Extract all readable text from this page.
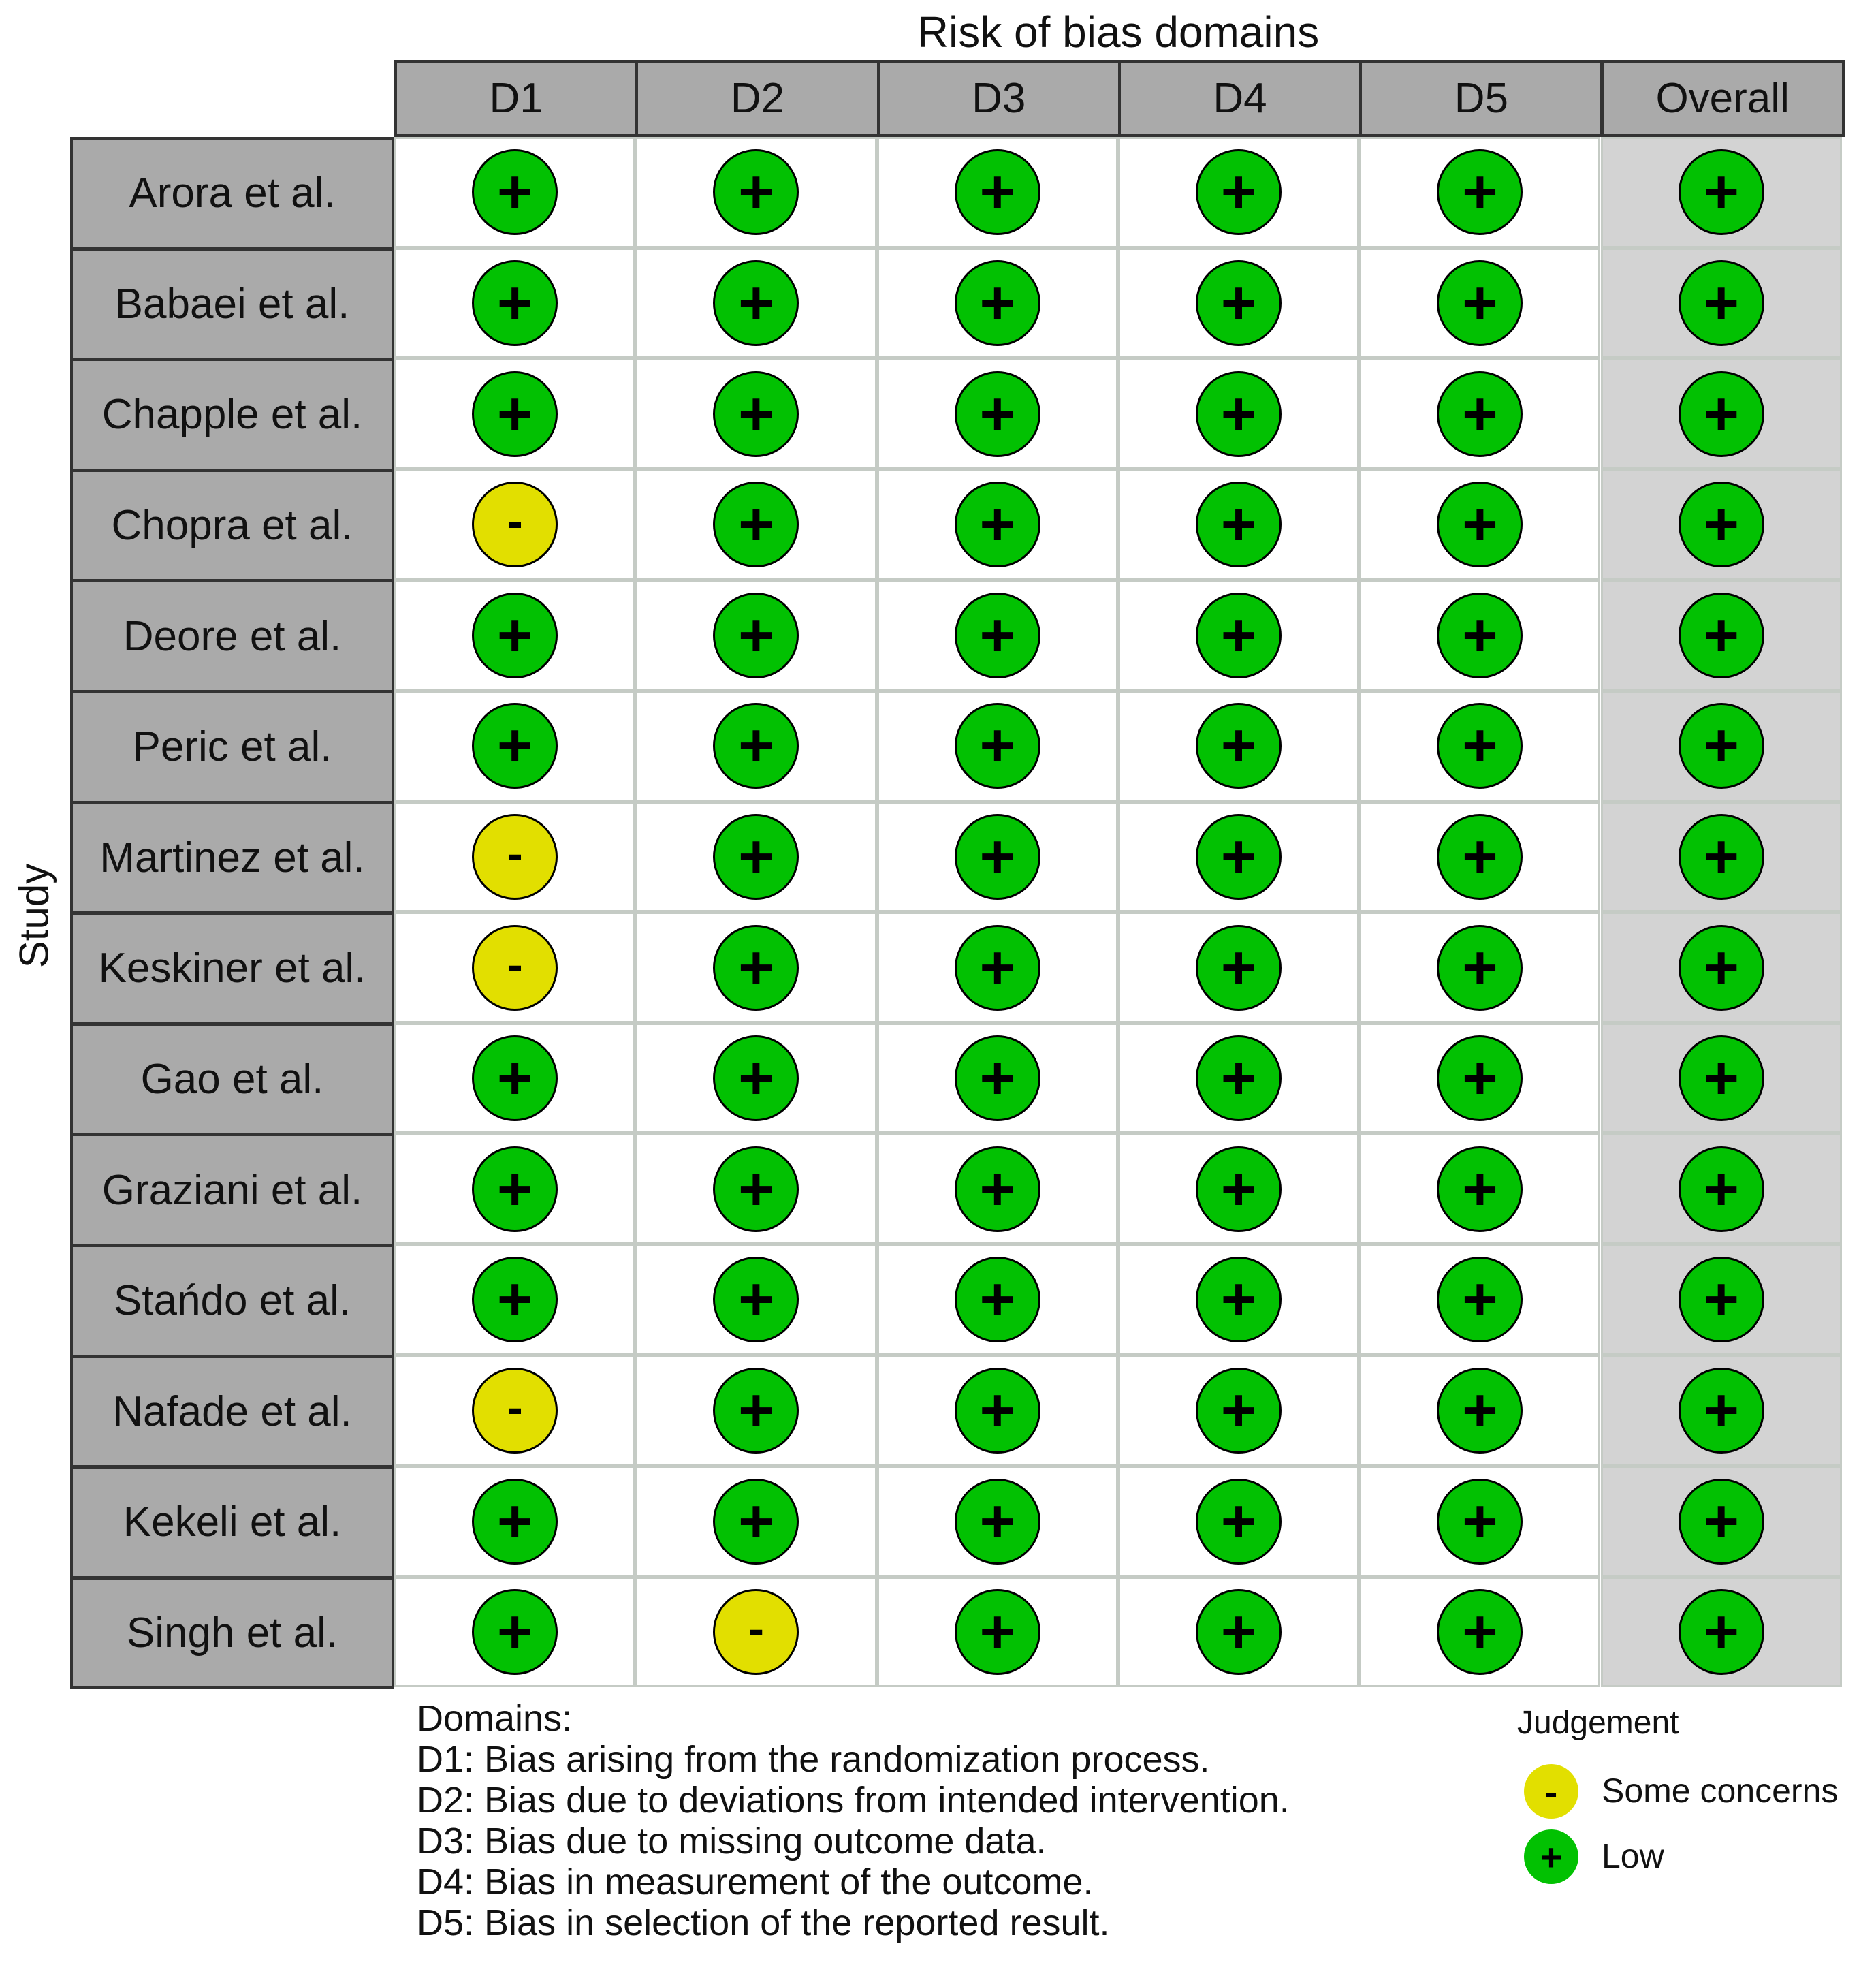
Risk of bias domains
Study
D1	D2	D3	D4	D5	Overall
Arora et al.	+	+	+	+	+	+
Babaei et al.	+	+	+	+	+	+
Chapple et al.	+	+	+	+	+	+
Chopra et al.	-	+	+	+	+	+
Deore et al.	+	+	+	+	+	+
Peric et al.	+	+	+	+	+	+
Martinez et al.	-	+	+	+	+	+
Keskiner et al.	-	+	+	+	+	+
Gao et al.	+	+	+	+	+	+
Graziani et al.	+	+	+	+	+	+
Stańdo et al.	+	+	+	+	+	+
Nafade et al.	-	+	+	+	+	+
Kekeli et al.	+	+	+	+	+	+
Singh et al.	+	-	+	+	+	+
Domains:
D1: Bias arising from the randomization process.
D2: Bias due to deviations from intended intervention.
D3: Bias due to missing outcome data.
D4: Bias in measurement of the outcome.
D5: Bias in selection of the reported result.
Judgement
-	Some concerns
+	Low
